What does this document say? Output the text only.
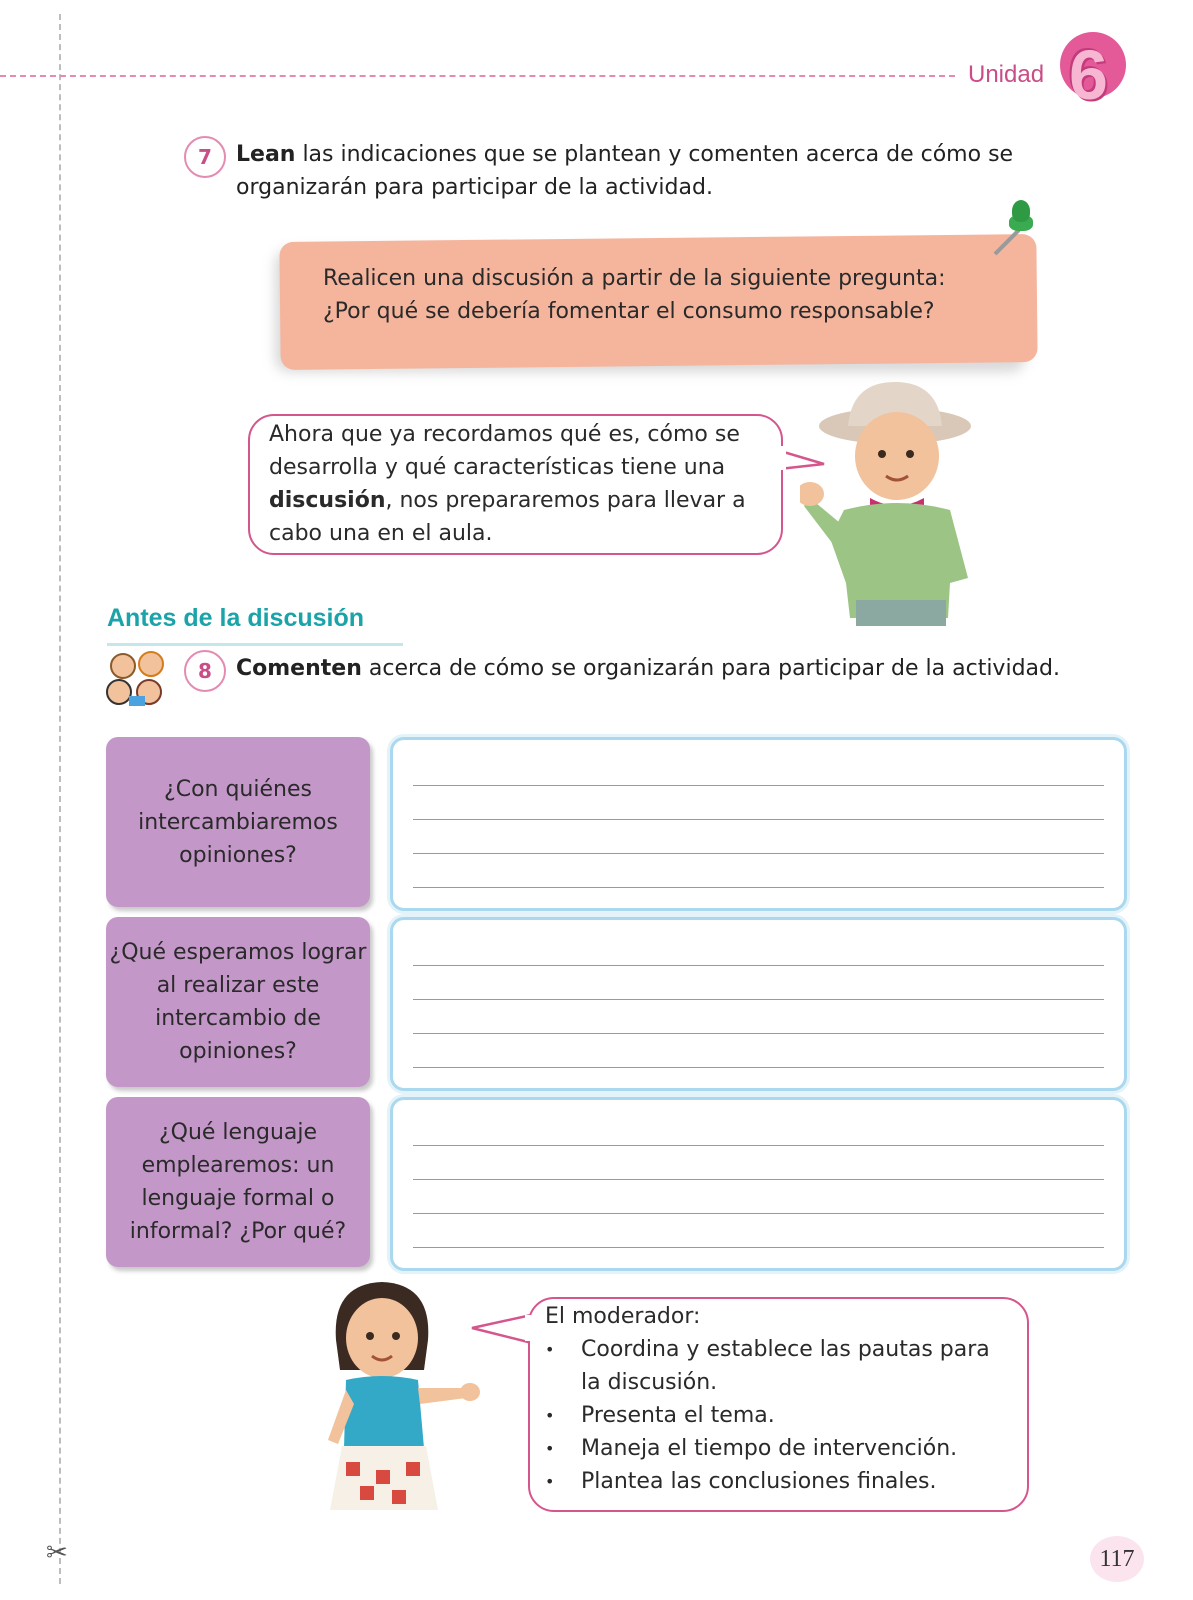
✂
Unidad 6
7	Lean las indicaciones que se plantean y comenten acerca de cómo se organizarán para participar de la actividad.
Realicen una discusión a partir de la siguiente pregunta:
¿Por qué se debería fomentar el consumo responsable?
Ahora que ya recordamos qué es, cómo se desarrolla y qué características tiene una discusión, nos prepararemos para llevar a cabo una en el aula.
Antes de la discusión
8	Comenten acerca de cómo se organizarán para participar de la actividad.
¿Con quiénes intercambiaremos opiniones?
¿Qué esperamos lograr al realizar este intercambio de opiniones?
¿Qué lenguaje emplearemos: un lenguaje formal o informal? ¿Por qué?
El moderador:
• Coordina y establece las pautas para la discusión.
• Presenta el tema.
• Maneja el tiempo de intervención.
• Plantea las conclusiones finales.
117
